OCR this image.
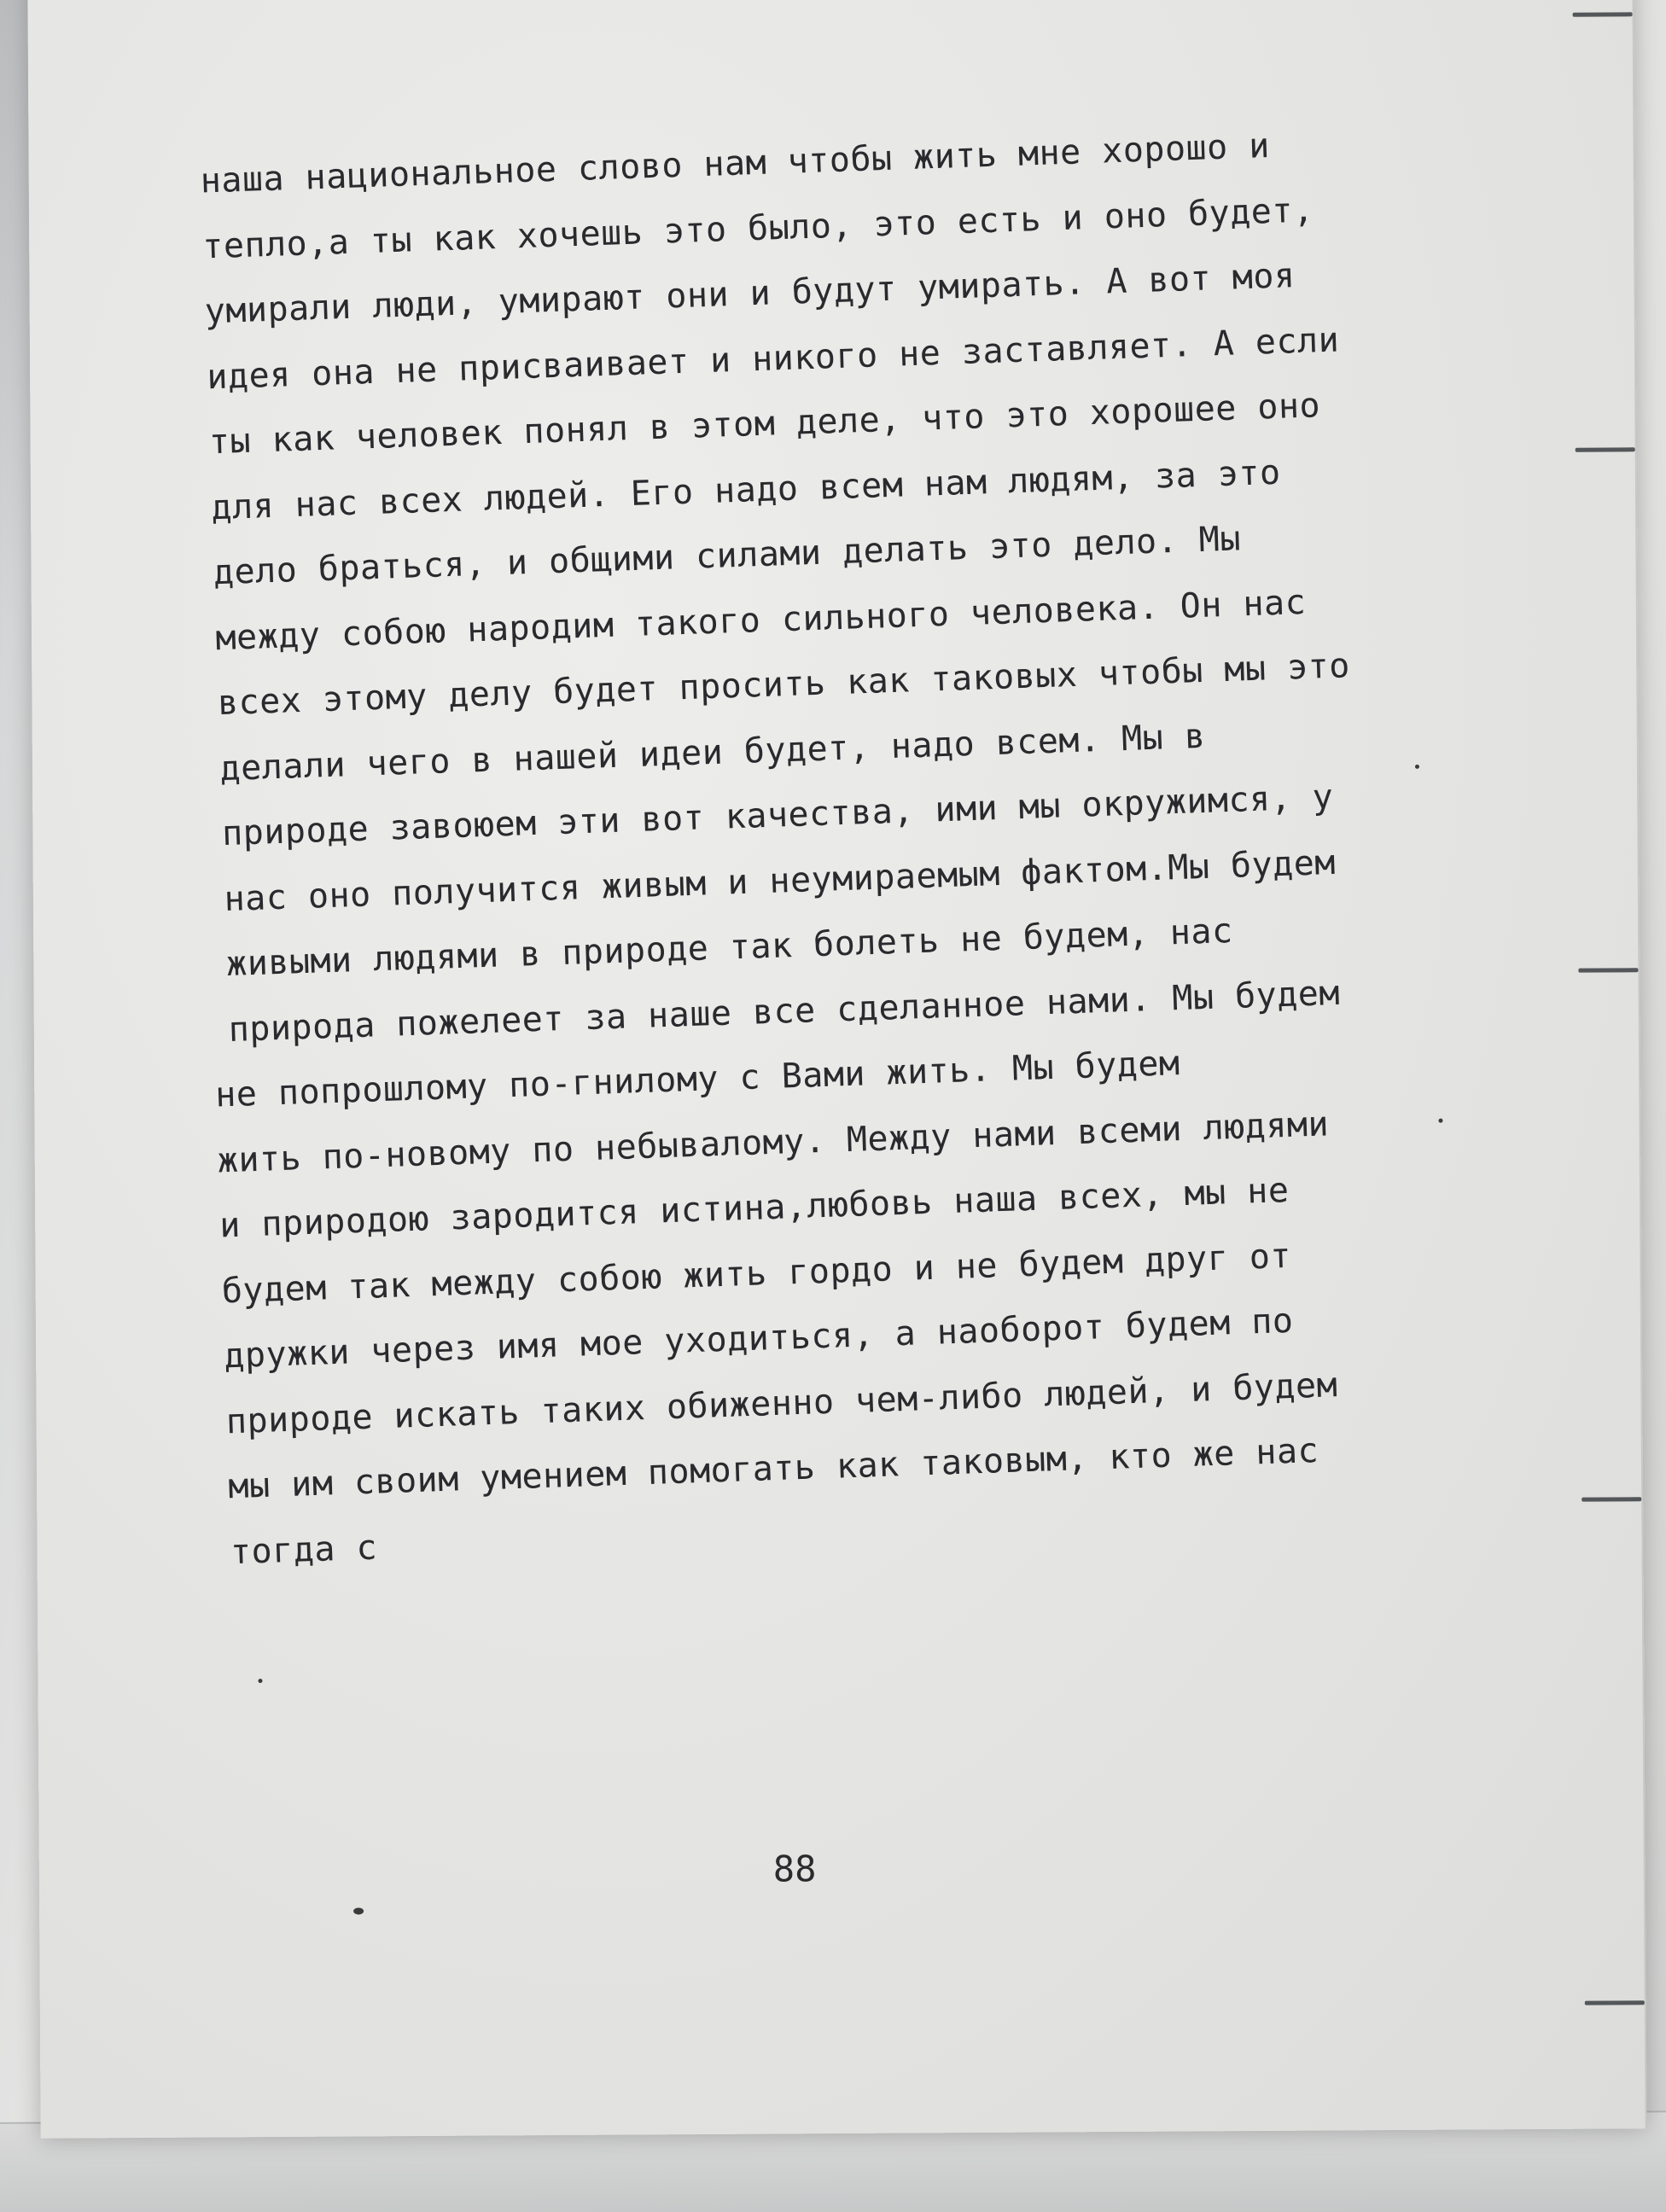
наша национальное слово нам чтобы жить мне хорошо и
тепло,а ты как хочешь это было, это есть и оно будет,
умирали люди, умирают они и будут умирать. А вот моя
идея она не присваивает и никого не заставляет. А если
ты как человек понял в этом деле, что это хорошее оно
для нас всех людей. Его надо всем нам людям, за это
дело браться, и общими силами делать это дело. Мы
между собою народим такого сильного человека. Он нас
всех этому делу будет просить как таковых чтобы мы это
делали чего в нашей идеи будет, надо всем. Мы в
природе завоюем эти вот качества, ими мы окружимся, у
нас оно получится живым и неумираемым фактом.Мы будем
живыми людями в природе так болеть не будем, нас
природа пожелеет за наше все сделанное нами. Мы будем
не попрошлому по-гнилому с Вами жить. Мы будем
жить по-новому по небывалому. Между нами всеми людями
и природою зародится истина,любовь наша всех, мы не
будем так между собою жить гордо и не будем друг от
дружки через имя мое уходиться, а наоборот будем по
природе искать таких обиженно чем-либо людей, и будем
мы им своим умением помогать как таковым, кто же нас
тогда с
88
